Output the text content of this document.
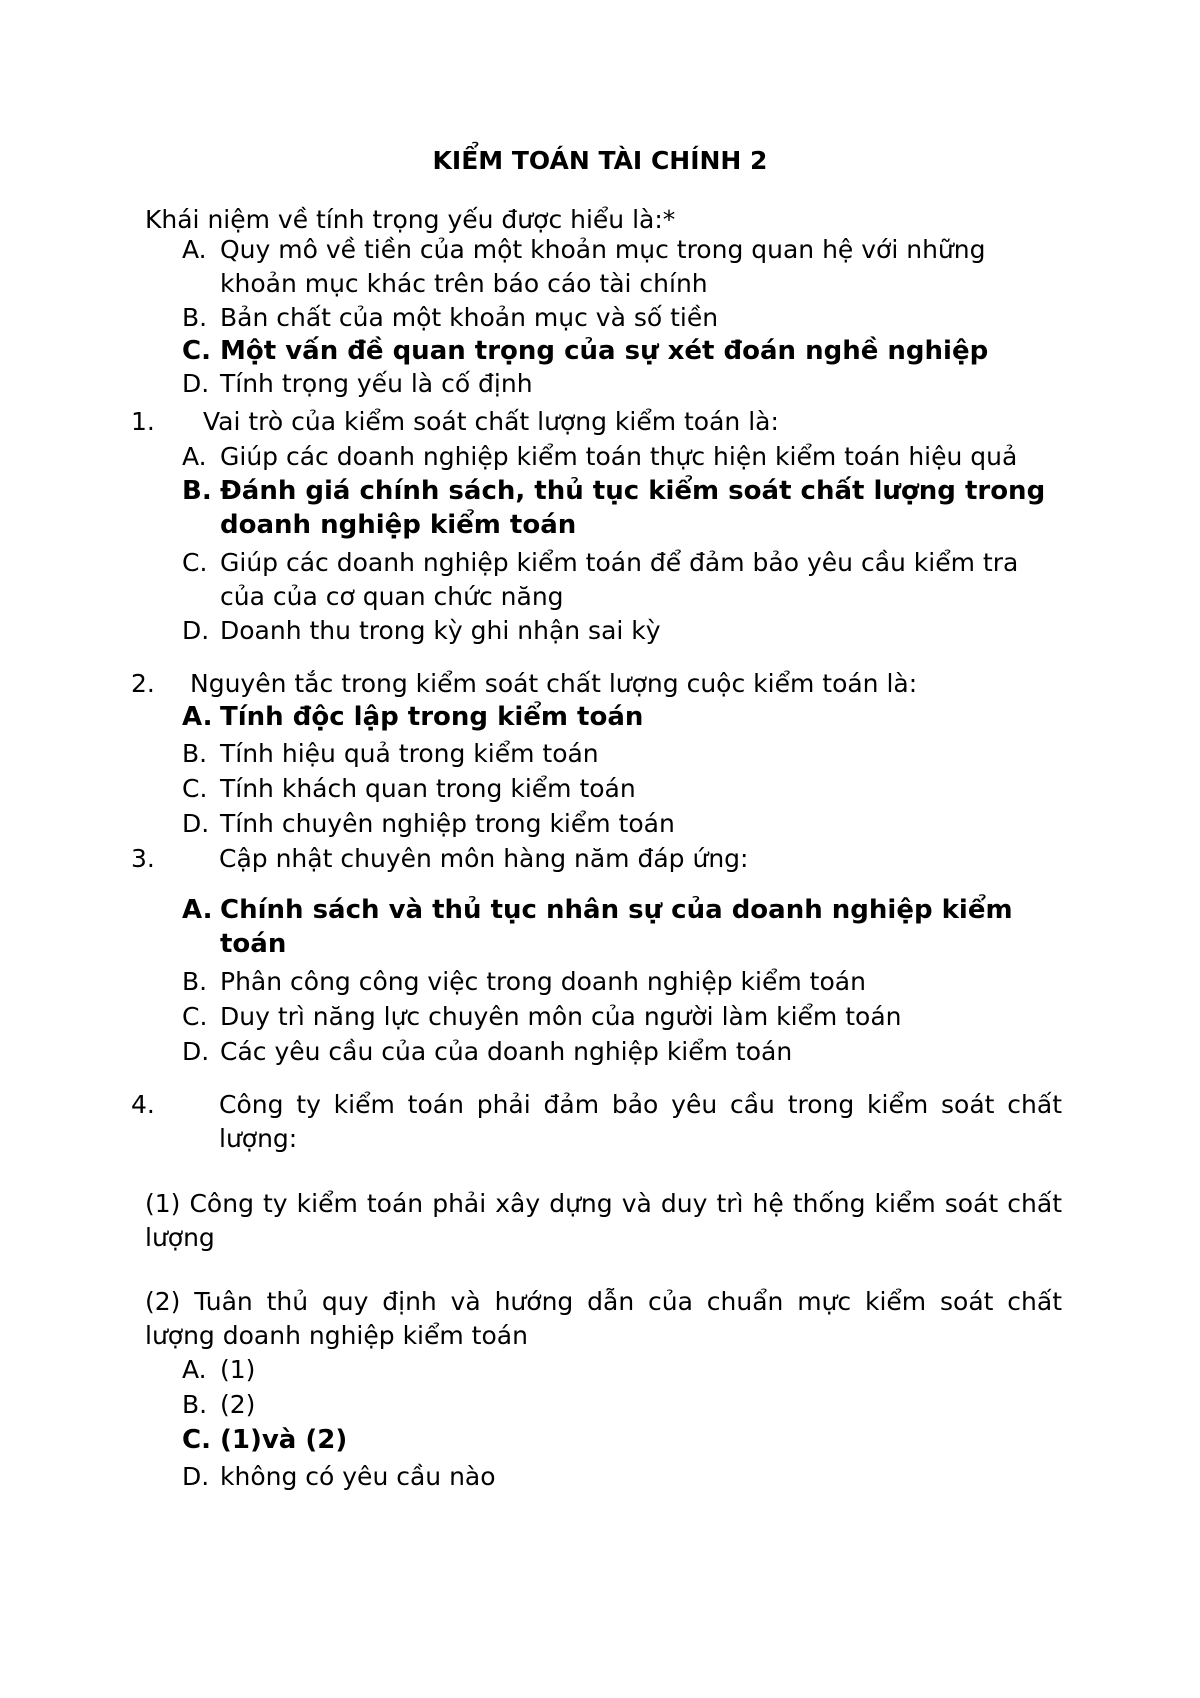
KIỂM TOÁN TÀI CHÍNH 2
Khái niệm về tính trọng yếu được hiểu là:*
A. Quy mô về tiền của một khoản mục trong quan hệ với những khoản mục khác trên báo cáo tài chính
B. Bản chất của một khoản mục và số tiền
C. Một vấn đề quan trọng của sự xét đoán nghề nghiệp
D. Tính trọng yếu là cố định
1. Vai trò của kiểm soát chất lượng kiểm toán là:
A. Giúp các doanh nghiệp kiểm toán thực hiện kiểm toán hiệu quả
B. Đánh giá chính sách, thủ tục kiểm soát chất lượng trong doanh nghiệp kiểm toán
C. Giúp các doanh nghiệp kiểm toán để đảm bảo yêu cầu kiểm tra của của cơ quan chức năng
D. Doanh thu trong kỳ ghi nhận sai kỳ
2. Nguyên tắc trong kiểm soát chất lượng cuộc kiểm toán là:
A. Tính độc lập trong kiểm toán
B. Tính hiệu quả trong kiểm toán
C. Tính khách quan trong kiểm toán
D. Tính chuyên nghiệp trong kiểm toán
3.	Cập nhật chuyên môn hàng năm đáp ứng:
A. Chính sách và thủ tục nhân sự của doanh nghiệp kiểm toán
B. Phân công công việc trong doanh nghiệp kiểm toán
C. Duy trì năng lực chuyên môn của người làm kiểm toán
D. Các yêu cầu của của doanh nghiệp kiểm toán
4.	Công ty kiểm toán phải đảm bảo yêu cầu trong kiểm soát chất lượng:
(1) Công ty kiểm toán phải xây dựng và duy trì hệ thống kiểm soát chất lượng
(2) Tuân thủ quy định và hướng dẫn của chuẩn mực kiểm soát chất lượng doanh nghiệp kiểm toán
A. (1)
B. (2)
C. (1)và (2)
D. không có yêu cầu nào
